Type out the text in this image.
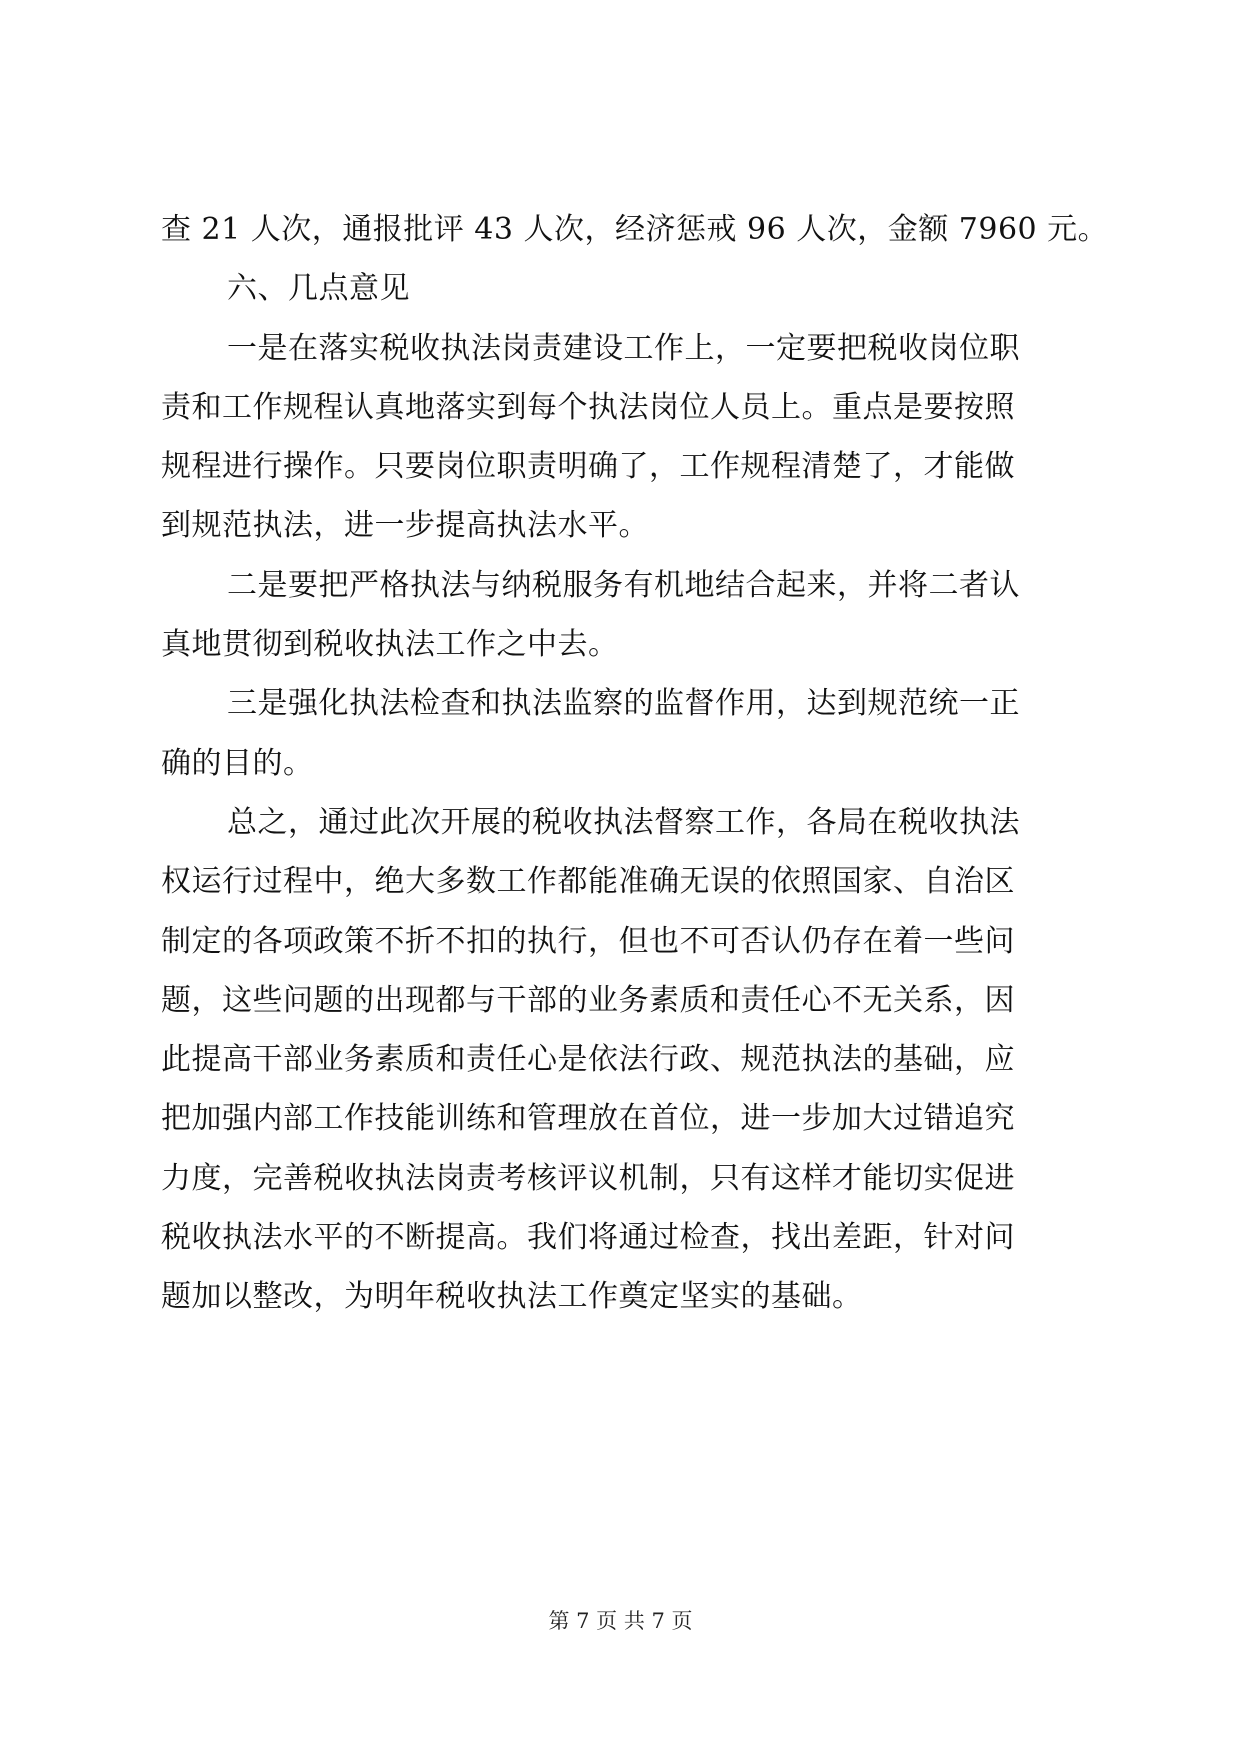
查 21 人次，通报批评 43 人次，经济惩戒 96 人次，金额 7960 元。
六、几点意见
一是在落实税收执法岗责建设工作上，一定要把税收岗位职
责和工作规程认真地落实到每个执法岗位人员上。重点是要按照
规程进行操作。只要岗位职责明确了，工作规程清楚了，才能做
到规范执法，进一步提高执法水平。
二是要把严格执法与纳税服务有机地结合起来，并将二者认
真地贯彻到税收执法工作之中去。
三是强化执法检查和执法监察的监督作用，达到规范统一正
确的目的。
总之，通过此次开展的税收执法督察工作，各局在税收执法
权运行过程中，绝大多数工作都能准确无误的依照国家、自治区
制定的各项政策不折不扣的执行，但也不可否认仍存在着一些问
题，这些问题的出现都与干部的业务素质和责任心不无关系，因
此提高干部业务素质和责任心是依法行政、规范执法的基础，应
把加强内部工作技能训练和管理放在首位，进一步加大过错追究
力度，完善税收执法岗责考核评议机制，只有这样才能切实促进
税收执法水平的不断提高。我们将通过检查，找出差距，针对问
题加以整改，为明年税收执法工作奠定坚实的基础。
第 7 页 共 7 页
